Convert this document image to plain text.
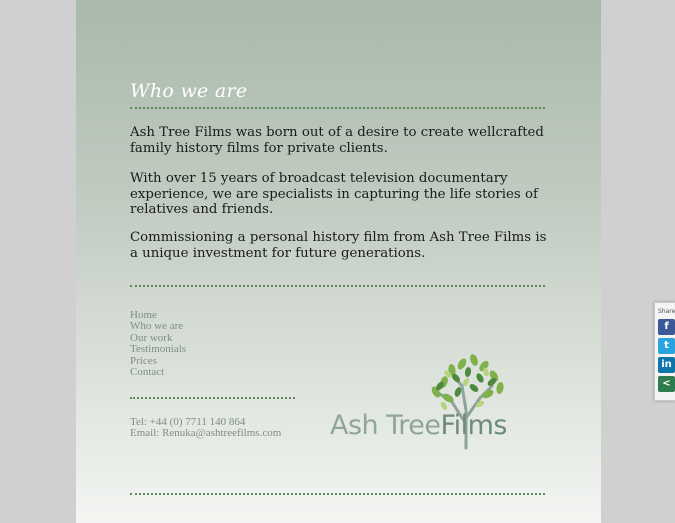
Who we are

Ash Tree Films was born out of a desire to create wellcrafted family history films for private clients.

With over 15 years of broadcast television documentary experience, we are specialists in capturing the life stories of relatives and friends.

Commissioning a personal history film from Ash Tree Films is a unique investment for future generations.

Home
Who we are
Our work
Testimonials
Prices
Contact
Tel: +44 (0) 7711 140 864
Email: Renuka@ashtreefilms.com Ash TreeFilms
Share
f
t
in
<
